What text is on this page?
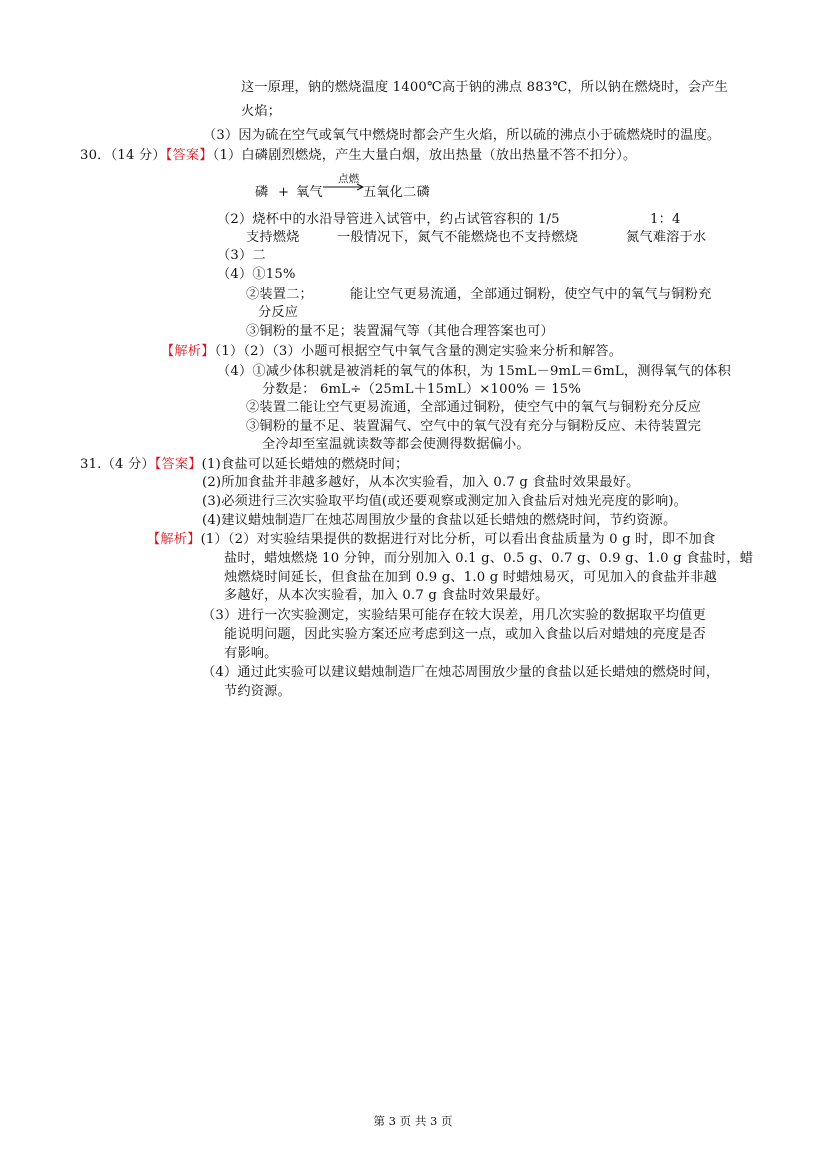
这一原理，钠的燃烧温度 1400℃高于钠的沸点 883℃，所以钠在燃烧时，会产生
火焰；
（3）因为硫在空气或氧气中燃烧时都会产生火焰，所以硫的沸点小于硫燃烧时的温度。
30．（14 分）【答案】（1）白磷剧烈燃烧，产生大量白烟，放出热量（放出热量不答不扣分）。
磷 + 氧气
点燃
五氧化二磷
（2）烧杯中的水沿导管进入试管中，约占试管容积的 1/5	1：4
支持燃烧	一般情况下，氮气不能燃烧也不支持燃烧	氮气难溶于水
（3）二
（4）①15%
②装置二；	能让空气更易流通，全部通过铜粉，使空气中的氧气与铜粉充
分反应
③铜粉的量不足；装置漏气等（其他合理答案也可）
【解析】（1）（2）（3）小题可根据空气中氧气含量的测定实验来分析和解答。
（4）①减少体积就是被消耗的氧气的体积，为 15mL－9mL＝6mL，测得氧气的体积
分数是： 6mL÷（25mL＋15mL）×100% ＝ 15%
②装置二能让空气更易流通，全部通过铜粉，使空气中的氧气与铜粉充分反应
③铜粉的量不足、装置漏气、空气中的氧气没有充分与铜粉反应、未待装置完
全冷却至室温就读数等都会使测得数据偏小。
31.（4 分）【答案】(1)食盐可以延长蜡烛的燃烧时间；
(2)所加食盐并非越多越好，从本次实验看，加入 0.7 g 食盐时效果最好。
(3)必须进行三次实验取平均值(或还要观察或测定加入食盐后对烛光亮度的影响)。
(4)建议蜡烛制造厂在烛芯周围放少量的食盐以延长蜡烛的燃烧时间，节约资源。
【解析】(1）（2）对实验结果提供的数据进行对比分析，可以看出食盐质量为 0 g 时，即不加食
盐时，蜡烛燃烧 10 分钟，而分别加入 0.1 g、0.5 g、0.7 g、0.9 g、1.0 g 食盐时，蜡
烛燃烧时间延长，但食盐在加到 0.9 g、1.0 g 时蜡烛易灭，可见加入的食盐并非越
多越好，从本次实验看，加入 0.7 g 食盐时效果最好。
（3）进行一次实验测定，实验结果可能存在较大误差，用几次实验的数据取平均值更
能说明问题，因此实验方案还应考虑到这一点，或加入食盐以后对蜡烛的亮度是否
有影响。
（4）通过此实验可以建议蜡烛制造厂在烛芯周围放少量的食盐以延长蜡烛的燃烧时间，
节约资源。
第 3 页 共 3 页
